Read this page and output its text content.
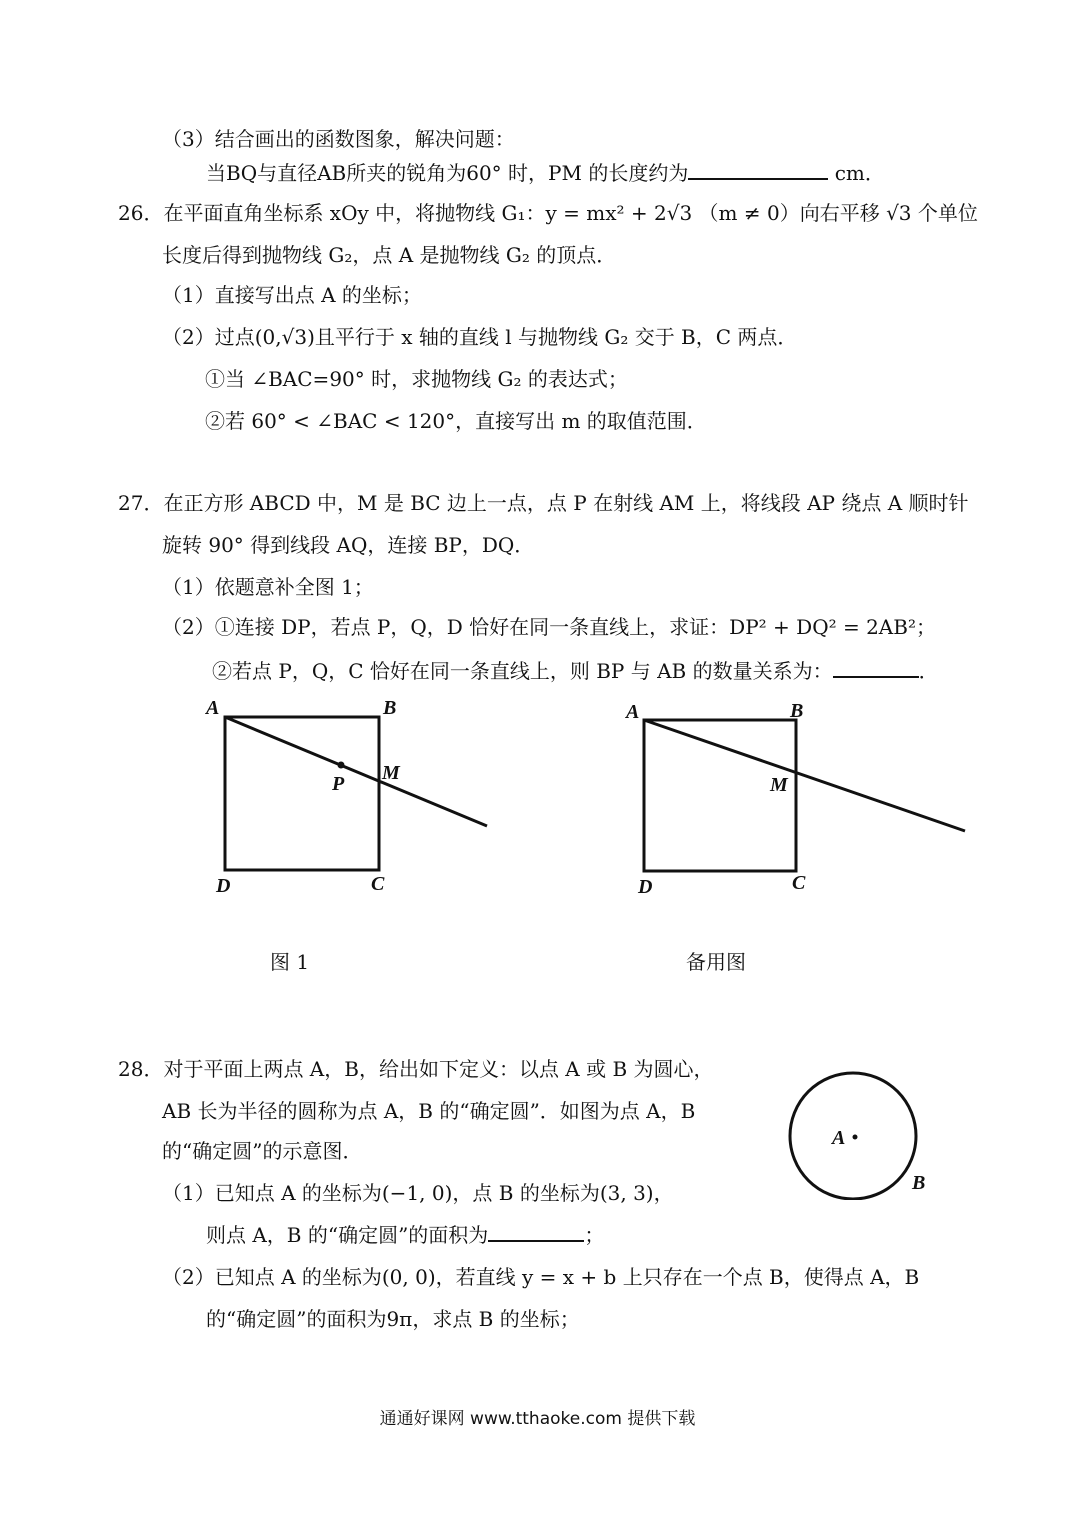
（3）结合画出的函数图象，解决问题：
当BQ与直径AB所夹的锐角为60° 时，PM 的长度约为	cm．
26．在平面直角坐标系 xOy 中，将抛物线 G₁：y = mx² + 2√3 （m ≠ 0）向右平移 √3 个单位
长度后得到抛物线 G₂，点 A 是抛物线 G₂ 的顶点．
（1）直接写出点 A 的坐标；
（2）过点(0,√3)且平行于 x 轴的直线 l 与抛物线 G₂ 交于 B，C 两点．
①当 ∠BAC=90° 时，求抛物线 G₂ 的表达式；
②若 60° < ∠BAC < 120°，直接写出 m 的取值范围．
27．在正方形 ABCD 中，M 是 BC 边上一点，点 P 在射线 AM 上，将线段 AP 绕点 A 顺时针
旋转 90° 得到线段 AQ，连接 BP，DQ．
（1）依题意补全图 1；
（2）①连接 DP，若点 P，Q，D 恰好在同一条直线上，求证：DP² + DQ² = 2AB²；
②若点 P，Q，C 恰好在同一条直线上，则 BP 与 AB 的数量关系为：	．
A	B
M
P
D	C
A	B
M
D	C
图 1	备用图
28．对于平面上两点 A，B，给出如下定义：以点 A 或 B 为圆心，
AB 长为半径的圆称为点 A，B 的“确定圆”．如图为点 A，B
的“确定圆”的示意图．
（1）已知点 A 的坐标为(−1, 0)，点 B 的坐标为(3, 3)，
则点 A，B 的“确定圆”的面积为	；
（2）已知点 A 的坐标为(0, 0)，若直线 y = x + b 上只存在一个点 B，使得点 A，B
的“确定圆”的面积为9π，求点 B 的坐标；
A
B
通通好课网 www.tthaoke.com 提供下载
